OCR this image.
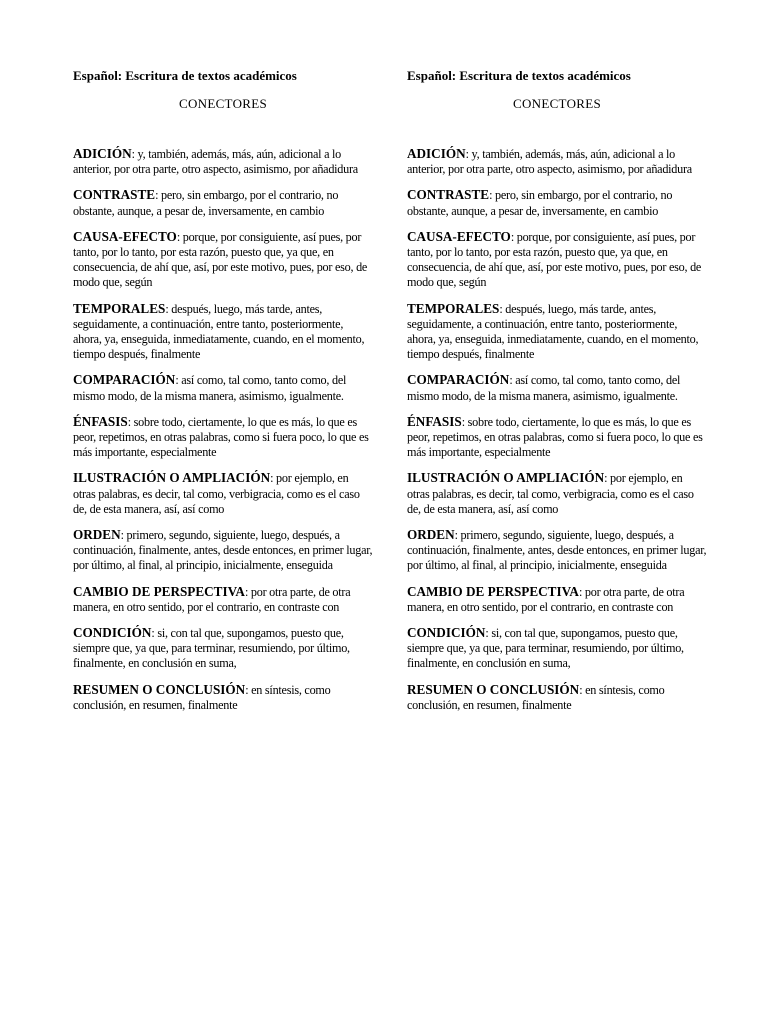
Español: Escritura de textos académicos

CONECTORES

ADICIÓN: y, también, además, más, aún, adicional a lo anterior, por otra parte, otro aspecto, asimismo, por añadidura

CONTRASTE: pero, sin embargo, por el contrario, no obstante, aunque, a pesar de, inversamente, en cambio

CAUSA-EFECTO: porque, por consiguiente, así pues, por tanto, por lo tanto, por esta razón, puesto que, ya que, en consecuencia, de ahí que, así, por este motivo, pues, por eso, de modo que, según

TEMPORALES: después, luego, más tarde, antes, seguidamente, a continuación, entre tanto, posteriormente, ahora, ya, enseguida, inmediatamente, cuando, en el momento, tiempo después, finalmente

COMPARACIÓN: así como, tal como, tanto como, del mismo modo, de la misma manera, asimismo, igualmente.

ÉNFASIS: sobre todo, ciertamente, lo que es más, lo que es peor, repetimos, en otras palabras, como si fuera poco, lo que es más importante, especialmente

ILUSTRACIÓN O AMPLIACIÓN: por ejemplo, en otras palabras, es decir, tal como, verbigracia, como es el caso de, de esta manera, así, así como

ORDEN: primero, segundo, siguiente, luego, después, a continuación, finalmente, antes, desde entonces, en primer lugar, por último, al final, al principio, inicialmente, enseguida

CAMBIO DE PERSPECTIVA: por otra parte, de otra manera, en otro sentido, por el contrario, en contraste con

CONDICIÓN: si, con tal que, supongamos, puesto que, siempre que, ya que, para terminar, resumiendo, por último, finalmente, en conclusión en suma,

RESUMEN O CONCLUSIÓN: en síntesis, como conclusión, en resumen, finalmente

Español: Escritura de textos académicos

CONECTORES

ADICIÓN: y, también, además, más, aún, adicional a lo anterior, por otra parte, otro aspecto, asimismo, por añadidura

CONTRASTE: pero, sin embargo, por el contrario, no obstante, aunque, a pesar de, inversamente, en cambio

CAUSA-EFECTO: porque, por consiguiente, así pues, por tanto, por lo tanto, por esta razón, puesto que, ya que, en consecuencia, de ahí que, así, por este motivo, pues, por eso, de modo que, según

TEMPORALES: después, luego, más tarde, antes, seguidamente, a continuación, entre tanto, posteriormente, ahora, ya, enseguida, inmediatamente, cuando, en el momento, tiempo después, finalmente

COMPARACIÓN: así como, tal como, tanto como, del mismo modo, de la misma manera, asimismo, igualmente.

ÉNFASIS: sobre todo, ciertamente, lo que es más, lo que es peor, repetimos, en otras palabras, como si fuera poco, lo que es más importante, especialmente

ILUSTRACIÓN O AMPLIACIÓN: por ejemplo, en otras palabras, es decir, tal como, verbigracia, como es el caso de, de esta manera, así, así como

ORDEN: primero, segundo, siguiente, luego, después, a continuación, finalmente, antes, desde entonces, en primer lugar, por último, al final, al principio, inicialmente, enseguida

CAMBIO DE PERSPECTIVA: por otra parte, de otra manera, en otro sentido, por el contrario, en contraste con

CONDICIÓN: si, con tal que, supongamos, puesto que, siempre que, ya que, para terminar, resumiendo, por último, finalmente, en conclusión en suma,

RESUMEN O CONCLUSIÓN: en síntesis, como conclusión, en resumen, finalmente
